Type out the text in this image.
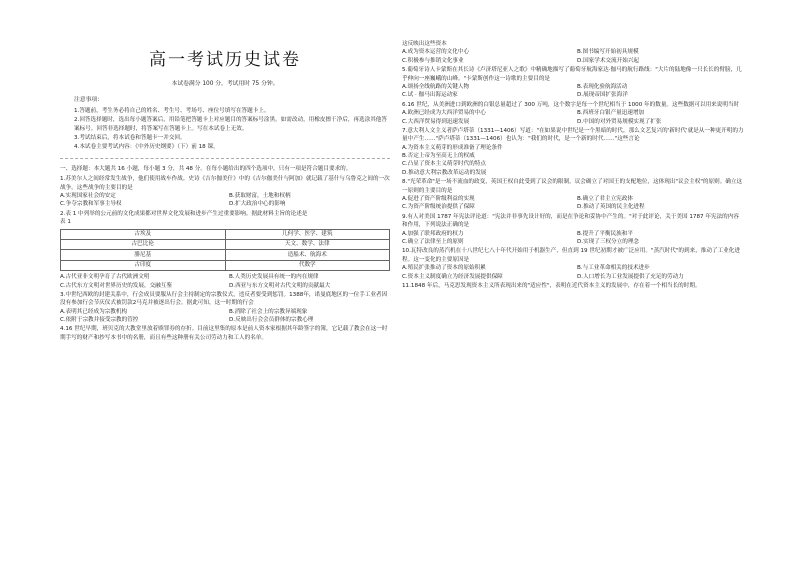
高一考试历史试卷
本试卷满分 100 分，考试用时 75 分钟。
注意事项：
1.答题前，考生务必将自己的姓名、考生号、考场号、座位号填写在答题卡上。
2.回答选择题时，选出每小题答案后，用铅笔把答题卡上对应题目的答案标号涂黑。如需改动，用橡皮擦干净后，再选涂其他答案标号。回答非选择题时，将答案写在答题卡上。写在本试卷上无效。
3.考试结束后，将本试卷和答题卡一并交回。
4.本试卷主要考试内容：《中外历史纲要》（下）前 18 课。
一、选择题：本大题共 16 小题，每小题 3 分，共 48 分。在每小题给出的四个选项中，只有一项是符合题目要求的。
1.苏美尔人之间经常发生战争，他们使用战车作战。史诗《吉尔伽美什》中的《吉尔伽美什与阿加》就记载了基什与乌鲁克之间的一次战争。这些战争的主要目的是
A.实现国家社会的安定	B.获取财富，土地和权柄
C.争夺宗教和军事主导权	D.扩大政治中心的影响
2.表 1 中列举的公元前的文化成果都对世界文化发展和进步产生过重要影响。据此材料主旨的论述是
表 1
古埃及	几何学、医学、建筑
古巴比伦	天文、数学、法律
腓尼基	造船术、航海术
古印度	代数学
A.古代亚非文明孕育了古代欧洲文明	B.人类历史发展具有统一的内在规律
C.古代东方文明对世界历史的发展，交融互鉴	D.西亚与东方文明对古代文明的贡献最大
3.中世纪西欧的封建关系中，行会成员要服从行会主持制定的宗教仪式，违反者要受到惩罚。1388年，诺曼底地区的一位手工业者因没有参加行会节庆仪式被罚款2马克并被逐出行会。据此可知，这一时期的行会
A.表明其已经成为宗教机构	B.消除了社会上的宗教异端现象
C.依附于宗教并接受宗教的管控	D.反映出行会会员群体的宗教心理
4.16 世纪早期，班贝克的大教堂里放着赎罪券的存折。目前这里集的原本是前人资本家根据其年龄签字的簿，它记载了教会在这一时期手写的财产和抄写本书中的名册，而且有些这种册有关公司劳动力和工人的名单。
这反映出这些资本
A.成为资本运营的文化中心	B.图书编写开始初具规模
C.积极参与推销文化事业	D.国家学术交流开始兴起
5.葡萄牙诗人卡蒙斯在其长诗《卢济塔尼亚人之歌》中精确地描写了葡萄牙航海家达·伽马的航行路线："大片的陆地像一只长长的臂膀，几乎伸向一座巍峨的山峰。"卡蒙斯创作这一诗歌的主要目的是
A.颂扬全线航路的关键人物	B.表现化验航海活动
C.试 · 伽马出海运动家	D.展现帝国扩张海洋
6.16 世纪，从美洲进口到欧洲的白银总量超过了 300 万吨，这个数字是每一个世纪相当于 1000 年的数量。这些数据可以用来说明当时
A.欧洲已经成为大西洋贸易的中心	B.西班牙白银产量迅速增加
C.大西洋贸易得到迅速发展	D.中国的对外贸易规模实现了扩张
7.意大利人文主义者萨卢塔蒂（1331—1406）写道："在如果说中世纪是一个黑暗的时代，那么文艺复兴的'新时代'就是从一种更开明的力量中产生……"萨卢塔蒂（1331—1406）也认为："我们的时代，是一个新的时代……"这些言论
A.为资本主义萌芽的形成准备了理论条件
B.否定上帝为至高无上的权威
C.凸显了资本主义萌芽时代的特点
D.推动意大利宗教改革运动的发展
8."光荣革命"是一场不流血的政变，英国王权自此受到了议会的限制，议会确立了对国王的支配地位，这体现出"议会主权"的原则。确立这一原则的主要目的是
A.促进了资产阶级利益的实现	B.确立了君主立宪政体
C.为资产阶级统治提供了保障	D.推动了英国的民主化进程
9.有人对美国 1787 年宪法评论道："宪法并非事先设计好的，而是在争论和妥协中产生的。"对于此评论，关于美国 1787 年宪法的内容和作用，下列说法正确的是
A.加强了联邦政府的权力	B.提升了平衡民族和平
C.确立了法律至上的原则	D.实现了三权分立的理念
10.瓦特改良的蒸汽机在十八世纪七八十年代开始用于机器生产，但直到 19 世纪初期才被广泛应用。"蒸汽时代"的到来，推动了工业化进程。这一变化的主要原因是
A.殖民扩张推动了资本的原始积累	B.与工业革命相关的技术进步
C.资本主义制度确立为经济发展提供保障	D.人口增长为工业发展提供了充足的劳动力
11.1848 年后，马克思发现资本主义所表现出来的"适应性"，表明在近代资本主义的发展中，存在着一个相当长的时期。
